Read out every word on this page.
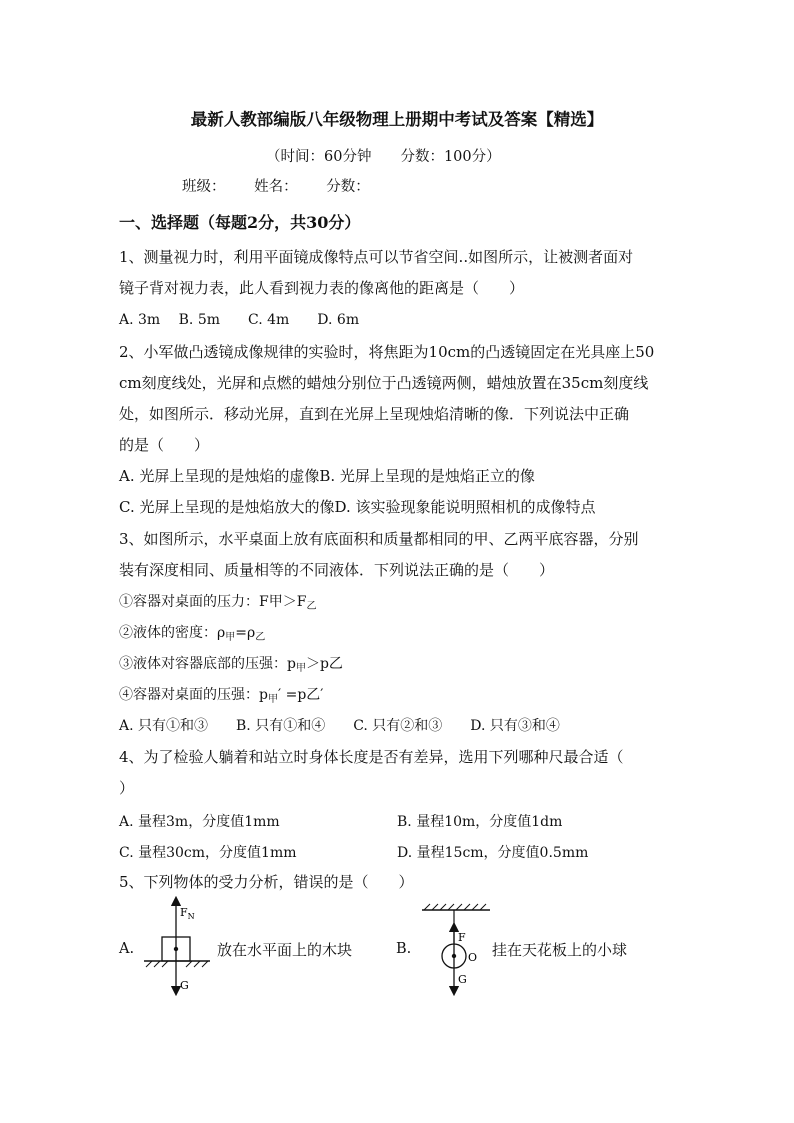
最新人教部编版八年级物理上册期中考试及答案【精选】
（时间：60分钟　　分数：100分）
班级： 姓名： 分数：
一、选择题（每题2分，共30分）
1、测量视力时，利用平面镜成像特点可以节省空间..如图所示，让被测者面对
镜子背对视力表，此人看到视力表的像离他的距离是（　　）
A. 3m　 B. 5m　　C. 4m　　D. 6m
2、小军做凸透镜成像规律的实验时，将焦距为10cm的凸透镜固定在光具座上50
cm刻度线处，光屏和点燃的蜡烛分别位于凸透镜两侧，蜡烛放置在35cm刻度线
处，如图所示．移动光屏，直到在光屏上呈现烛焰清晰的像．下列说法中正确
的是（　　）
A. 光屏上呈现的是烛焰的虚像B. 光屏上呈现的是烛焰正立的像
C. 光屏上呈现的是烛焰放大的像D. 该实验现象能说明照相机的成像特点
3、如图所示，水平桌面上放有底面积和质量都相同的甲、乙两平底容器，分别
装有深度相同、质量相等的不同液体．下列说法正确的是（　　）
①容器对桌面的压力：F甲$>F_乙$
②液体的密度：$\rho_甲=\rho_乙$
③液体对容器底部的压强：$p_甲>p$乙
④容器对桌面的压强：$p_甲' =p$乙′
A. 只有①和③　　B. 只有①和④　　C. 只有②和③　　D. 只有③和④
4、为了检验人躺着和站立时身体长度是否有差异，选用下列哪种尺最合适（
）
A. 量程3m，分度值1mm	B. 量程10m，分度值1dm
C. 量程30cm，分度值1mm	D. 量程15cm，分度值0.5mm
5、下列物体的受力分析，错误的是（　　）
A.	放在水平面上的木块	B.	挂在天花板上的小球
$F_N$
G
F
O
G
